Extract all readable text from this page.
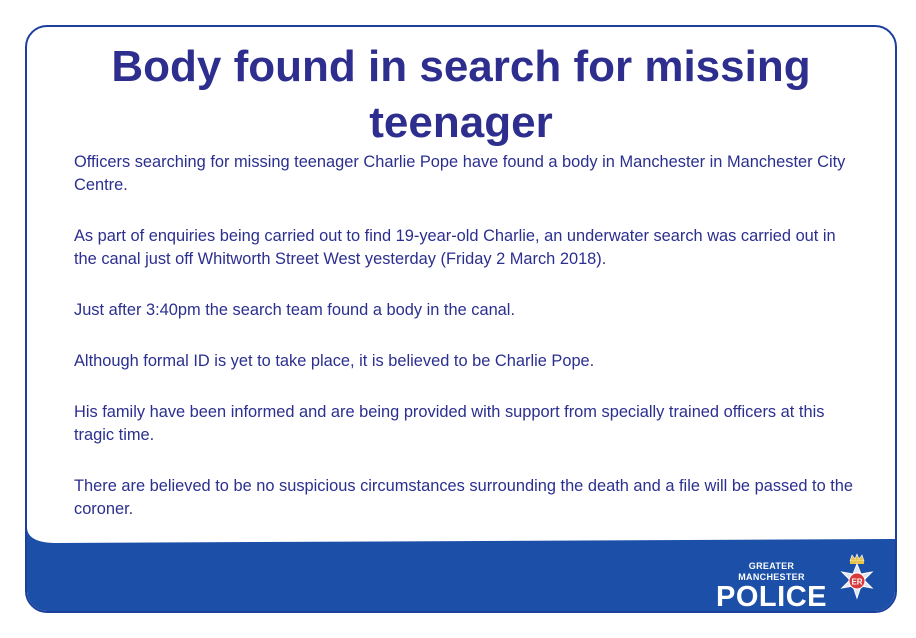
Body found in search for missing teenager

Officers searching for missing teenager Charlie Pope have found a body in Manchester in Manchester City Centre.

As part of enquiries being carried out to find 19-year-old Charlie, an underwater search was carried out in the canal just off Whitworth Street West yesterday (Friday 2 March 2018).

Just after 3:40pm the search team found a body in the canal.

Although formal ID is yet to take place, it is believed to be Charlie Pope.

His family have been informed and are being provided with support from specially trained officers at this tragic time.

There are believed to be no suspicious circumstances surrounding the death and a file will be passed to the coroner.

GREATER MANCHESTER
POLICE	ER
